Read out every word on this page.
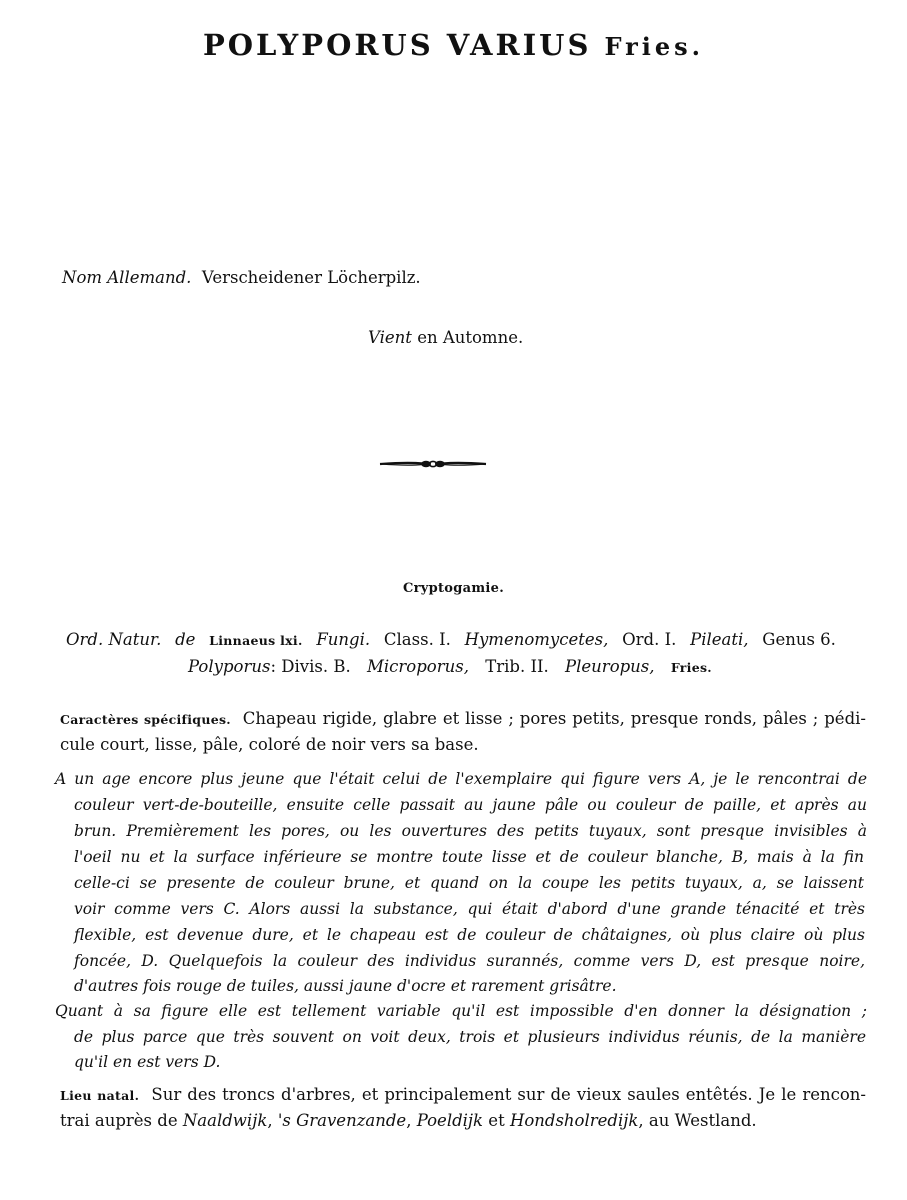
POLYPORUS VARIUS Fries.
Nom Allemand. Verscheidener Löcherpilz.
Vient en Automne.
Cryptogamie.
Ord. Natur. de Linnaeus lxi. Fungi. Class. I. Hymenomycetes, Ord. I. Pileati, Genus 6.
Polyporus: Divis. B. Microporus, Trib. II. Pleuropus, Fries.
Caractères spécifiques. Chapeau rigide, glabre et lisse ; pores petits, presque ronds, pâles ; pédi-
cule court, lisse, pâle, coloré de noir vers sa base.
A un age encore plus jeune que l'était celui de l'exemplaire qui figure vers A, je le rencontrai de
couleur vert-de-bouteille, ensuite celle passait au jaune pâle ou couleur de paille, et après au
brun. Premièrement les pores, ou les ouvertures des petits tuyaux, sont presque invisibles à
l'oeil nu et la surface inférieure se montre toute lisse et de couleur blanche, B, mais à la fin
celle-ci se presente de couleur brune, et quand on la coupe les petits tuyaux, a, se laissent
voir comme vers C. Alors aussi la substance, qui était d'abord d'une grande ténacité et très
flexible, est devenue dure, et le chapeau est de couleur de châtaignes, où plus claire où plus
foncée, D. Quelquefois la couleur des individus surannés, comme vers D, est presque noire,
d'autres fois rouge de tuiles, aussi jaune d'ocre et rarement grisâtre.
Quant à sa figure elle est tellement variable qu'il est impossible d'en donner la désignation ;
de plus parce que très souvent on voit deux, trois et plusieurs individus réunis, de la manière
qu'il en est vers D.
Lieu natal. Sur des troncs d'arbres, et principalement sur de vieux saules entêtés. Je le rencon-
trai auprès de Naaldwijk, 's Gravenzande, Poeldijk et Hondsholredijk, au Westland.
